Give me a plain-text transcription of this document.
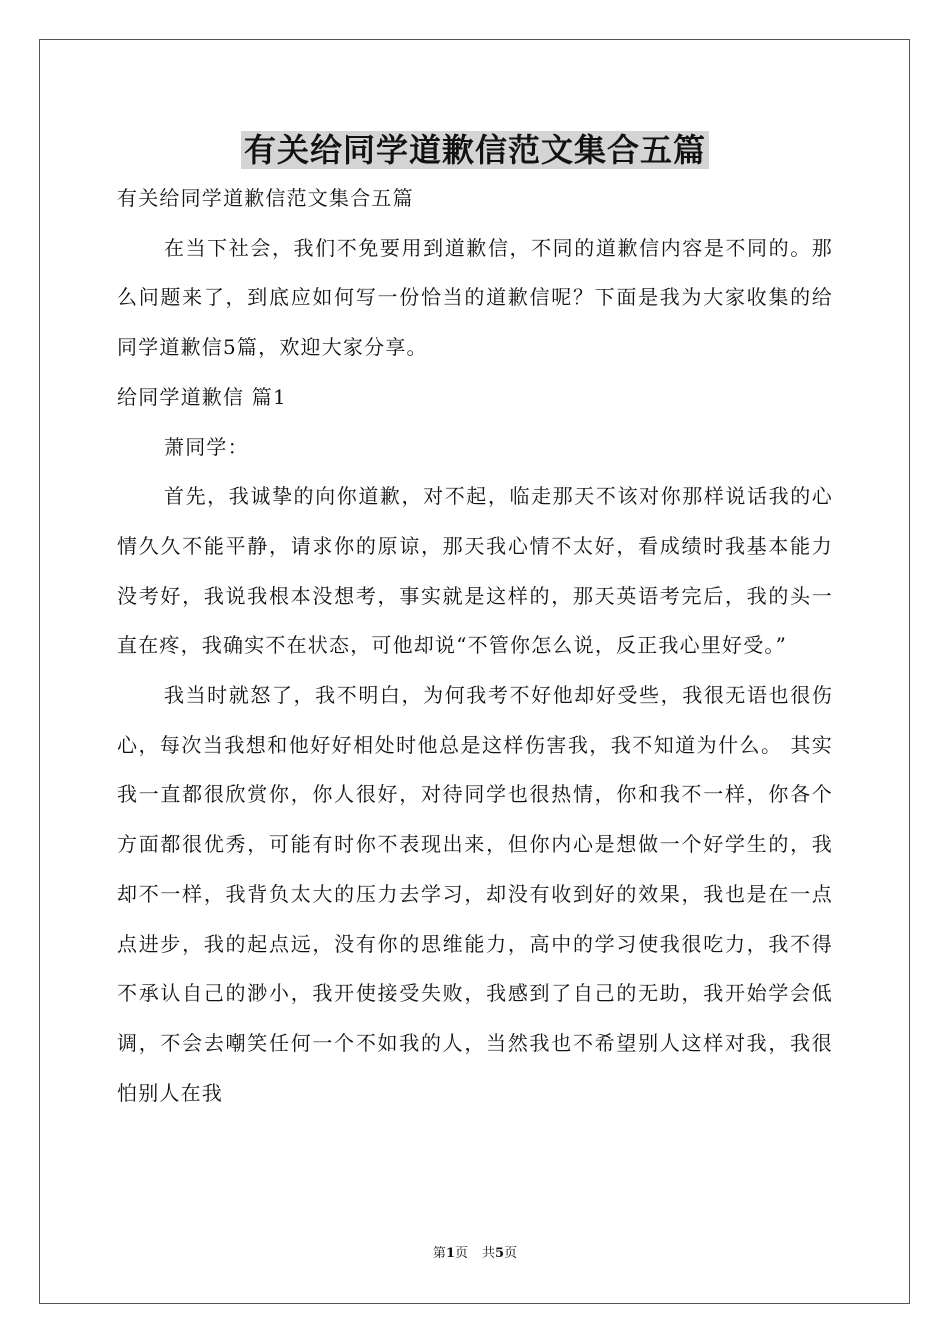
有关给同学道歉信范文集合五篇

有关给同学道歉信范文集合五篇

在当下社会，我们不免要用到道歉信，不同的道歉信内容是不同的。那么问题来了，到底应如何写一份恰当的道歉信呢？下面是我为大家收集的给同学道歉信5篇，欢迎大家分享。

给同学道歉信 篇1

萧同学：

首先，我诚挚的向你道歉，对不起，临走那天不该对你那样说话我的心情久久不能平静，请求你的原谅，那天我心情不太好，看成绩时我基本能力没考好，我说我根本没想考，事实就是这样的，那天英语考完后，我的头一直在疼，我确实不在状态，可他却说“不管你怎么说，反正我心里好受。”

我当时就怒了，我不明白，为何我考不好他却好受些，我很无语也很伤心，每次当我想和他好好相处时他总是这样伤害我，我不知道为什么。 其实我一直都很欣赏你，你人很好，对待同学也很热情，你和我不一样，你各个方面都很优秀，可能有时你不表现出来，但你内心是想做一个好学生的，我却不一样，我背负太大的压力去学习，却没有收到好的效果，我也是在一点点进步，我的起点远，没有你的思维能力，高中的学习使我很吃力，我不得不承认自己的渺小，我开使接受失败，我感到了自己的无助，我开始学会低调，不会去嘲笑任何一个不如我的人，当然我也不希望别人这样对我，我很怕别人在我

第1页 共5页
